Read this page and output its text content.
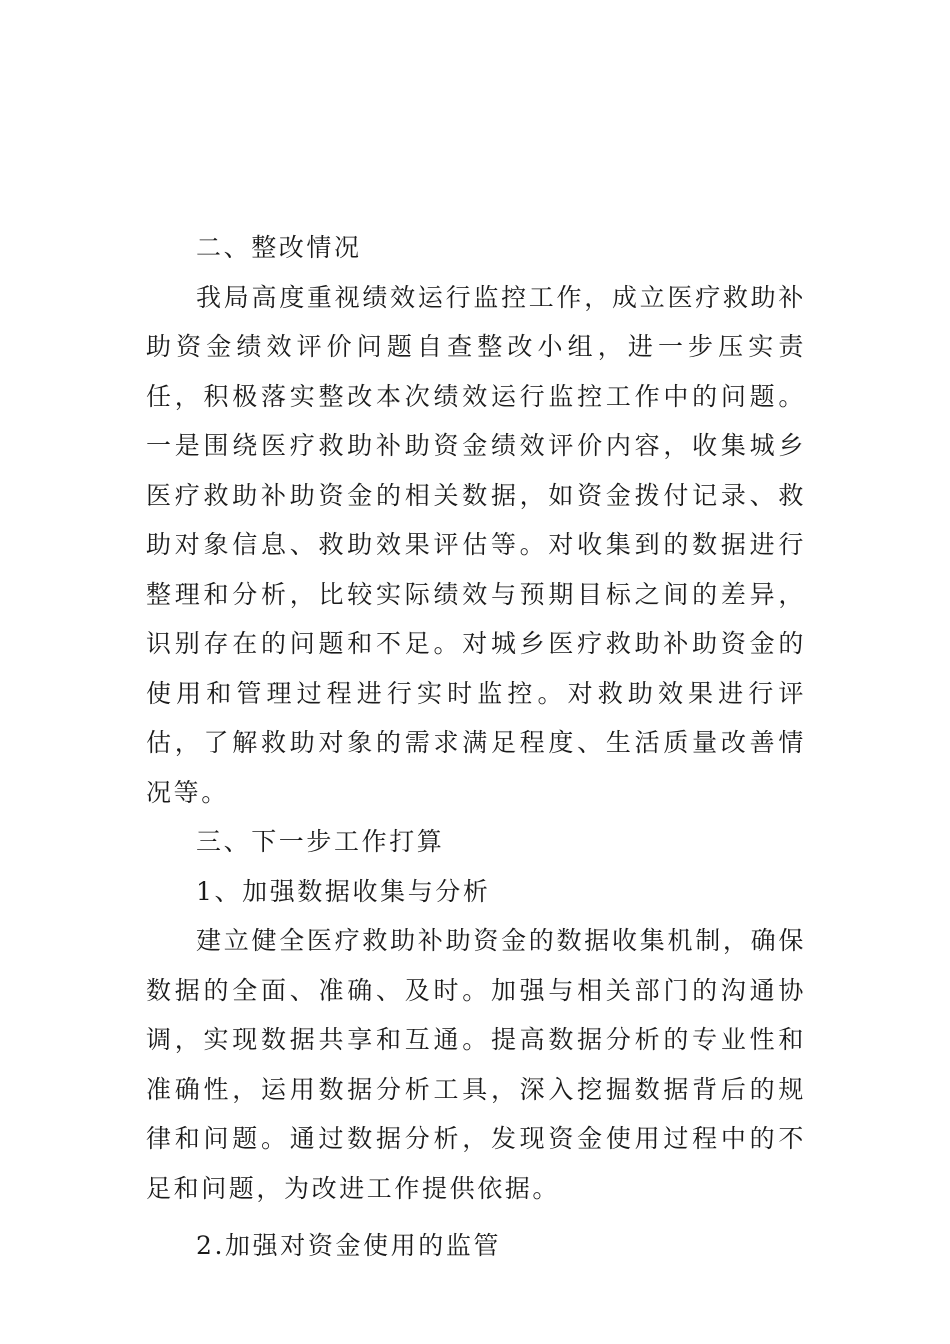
二、整改情况

我局高度重视绩效运行监控工作，成立医疗救助补助资金绩效评价问题自查整改小组，进一步压实责任，积极落实整改本次绩效运行监控工作中的问题。一是围绕医疗救助补助资金绩效评价内容，收集城乡医疗救助补助资金的相关数据，如资金拨付记录、救助对象信息、救助效果评估等。对收集到的数据进行整理和分析，比较实际绩效与预期目标之间的差异，识别存在的问题和不足。对城乡医疗救助补助资金的使用和管理过程进行实时监控。对救助效果进行评估，了解救助对象的需求满足程度、生活质量改善情况等。

三、下一步工作打算

1、加强数据收集与分析

建立健全医疗救助补助资金的数据收集机制，确保数据的全面、准确、及时。加强与相关部门的沟通协调，实现数据共享和互通。提高数据分析的专业性和准确性，运用数据分析工具，深入挖掘数据背后的规律和问题。通过数据分析，发现资金使用过程中的不足和问题，为改进工作提供依据。

2.加强对资金使用的监管
